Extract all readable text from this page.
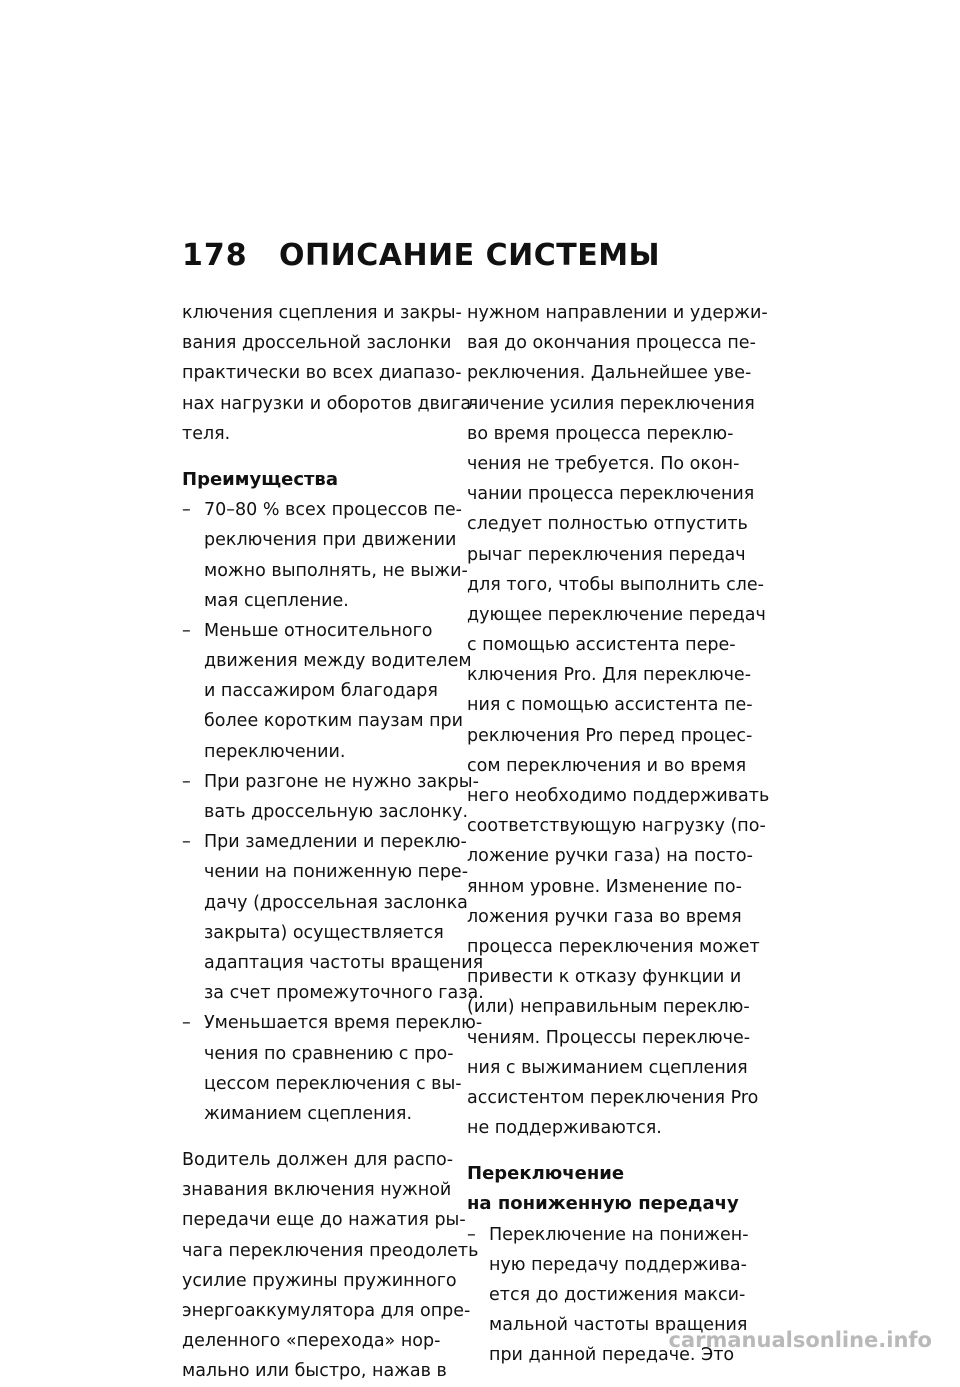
178 ОПИСАНИЕ СИСТЕМЫ
ключения сцепления и закры-
вания дроссельной заслонки
практически во всех диапазо-
нах нагрузки и оборотов двига-
теля.
Преимущества
– 70–80 % всех процессов пе-
реключения при движении
можно выполнять, не выжи-
мая сцепление.
– Меньше относительного
движения между водителем
и пассажиром благодаря
более коротким паузам при
переключении.
– При разгоне не нужно закры-
вать дроссельную заслонку.
– При замедлении и переклю-
чении на пониженную пере-
дачу (дроссельная заслонка
закрыта) осуществляется
адаптация частоты вращения
за счет промежуточного газа.
– Уменьшается время переклю-
чения по сравнению с про-
цессом переключения с вы-
жиманием сцепления.
Водитель должен для распо-
знавания включения нужной
передачи еще до нажатия ры-
чага переключения преодолеть
усилие пружины пружинного
энергоаккумулятора для опре-
деленного «перехода» нор-
мально или быстро, нажав в
нужном направлении и удержи-
вая до окончания процесса пе-
реключения. Дальнейшее уве-
личение усилия переключения
во время процесса переклю-
чения не требуется. По окон-
чании процесса переключения
следует полностью отпустить
рычаг переключения передач
для того, чтобы выполнить сле-
дующее переключение передач
с помощью ассистента пере-
ключения Pro. Для переключе-
ния с помощью ассистента пе-
реключения Pro перед процес-
сом переключения и во время
него необходимо поддерживать
соответствующую нагрузку (по-
ложение ручки газа) на посто-
янном уровне. Изменение по-
ложения ручки газа во время
процесса переключения может
привести к отказу функции и
(или) неправильным переклю-
чениям. Процессы переключе-
ния с выжиманием сцепления
ассистентом переключения Pro
не поддерживаются.
Переключение
на пониженную передачу
– Переключение на понижен-
ную передачу поддержива-
ется до достижения макси-
мальной частоты вращения
при данной передаче. Это
carmanualsonline.info
